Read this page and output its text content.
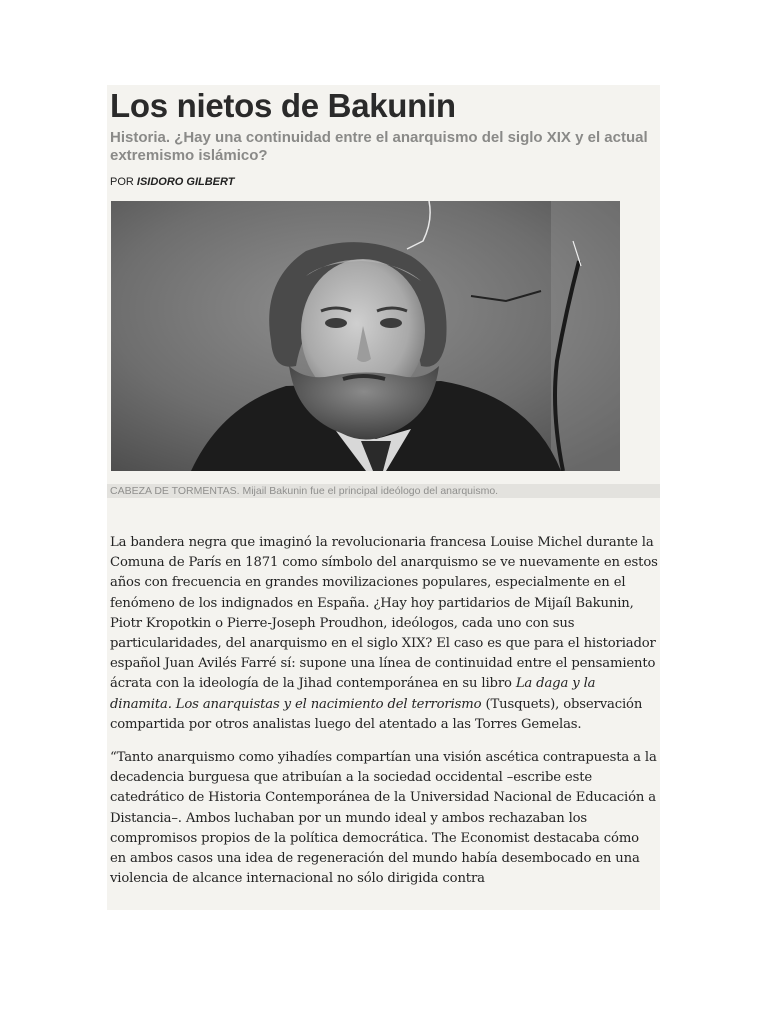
Los nietos de Bakunin
Historia. ¿Hay una continuidad entre el anarquismo del siglo XIX y el actual extremismo islámico?
POR ISIDORO GILBERT
CABEZA DE TORMENTAS. Mijail Bakunin fue el principal ideólogo del anarquismo.

La bandera negra que imaginó la revolucionaria francesa Louise Michel durante la Comuna de París en 1871 como símbolo del anarquismo se ve nuevamente en estos años con frecuencia en grandes movilizaciones populares, especialmente en el fenómeno de los indignados en España. ¿Hay hoy partidarios de Mijaíl Bakunin, Piotr Kropotkin o Pierre-Joseph Proudhon, ideólogos, cada uno con sus particularidades, del anarquismo en el siglo XIX? El caso es que para el historiador español Juan Avilés Farré sí: supone una línea de continuidad entre el pensamiento ácrata con la ideología de la Jihad contemporánea en su libro La daga y la dinamita. Los anarquistas y el nacimiento del terrorismo (Tusquets), observación compartida por otros analistas luego del atentado a las Torres Gemelas.

“Tanto anarquismo como yihadíes compartían una visión ascética contrapuesta a la decadencia burguesa que atribuían a la sociedad occidental –escribe este catedrático de Historia Contemporánea de la Universidad Nacional de Educación a Distancia–. Ambos luchaban por un mundo ideal y ambos rechazaban los compromisos propios de la política democrática. The Economist destacaba cómo en ambos casos una idea de regeneración del mundo había desembocado en una violencia de alcance internacional no sólo dirigida contra
